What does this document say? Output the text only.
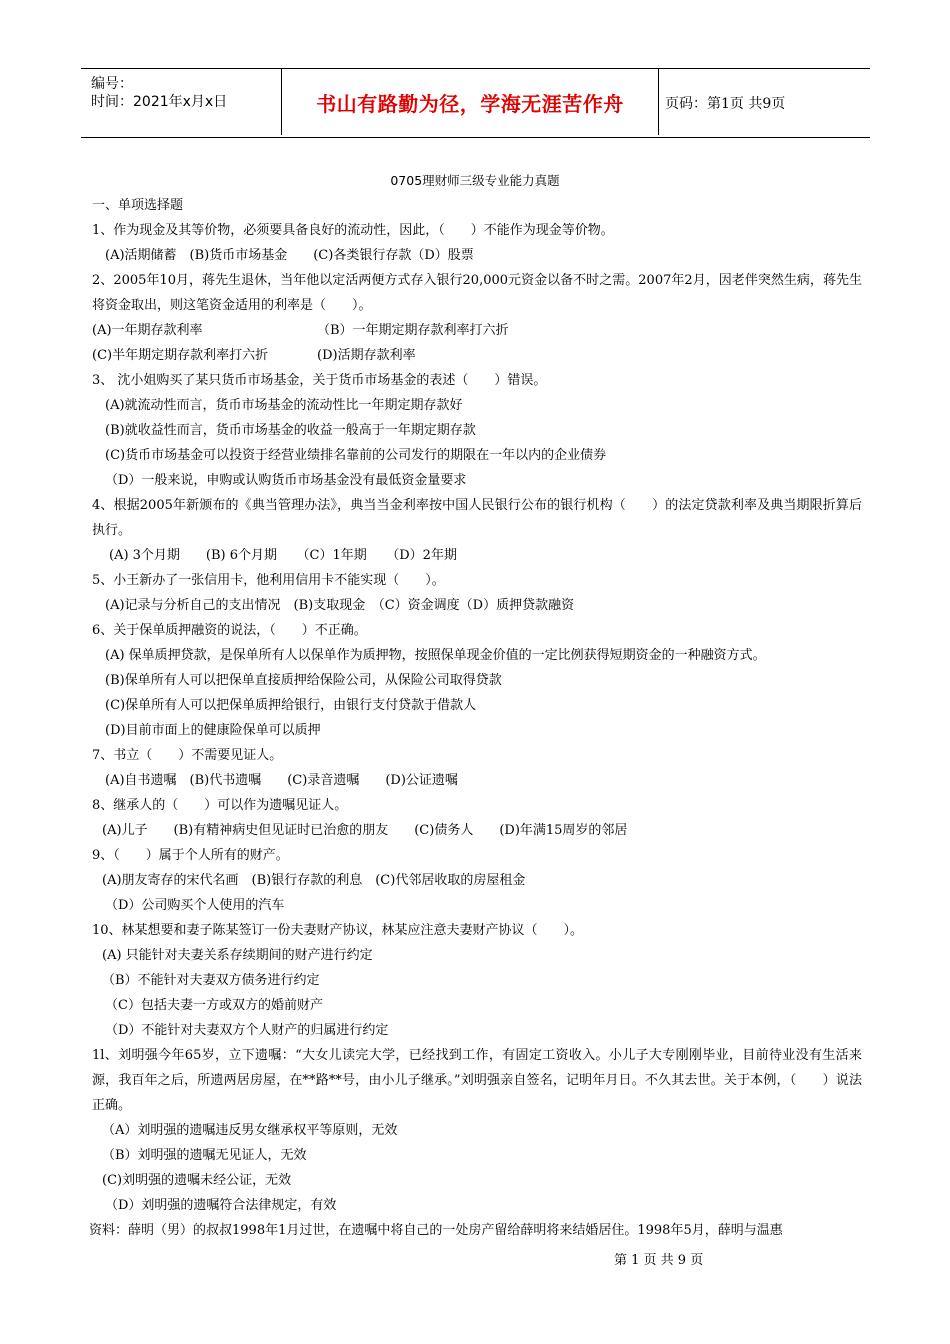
编号：
时间：2021年x月x日	书山有路勤为径，学海无涯苦作舟	页码：第1页 共9页
0705理财师三级专业能力真题

一、单项选择题

1、作为现金及其等价物，必须要具备良好的流动性，因此，（　　）不能作为现金等价物。

(A)活期储蓄　(B)货币市场基金　　(C)各类银行存款（D）股票

2、2005年10月，蒋先生退休，当年他以定活两便方式存入银行20,000元资金以备不时之需。2007年2月，因老伴突然生病，蒋先生将资金取出，则这笔资金适用的利率是（　　）。

(A)一年期存款利率	（B）一年期定期存款利率打六折
(C)半年期定期存款利率打六折	(D)活期存款利率

3、 沈小姐购买了某只货币市场基金，关于货币市场基金的表述（　　）错误。

(A)就流动性而言，货币市场基金的流动性比一年期定期存款好

(B)就收益性而言，货币市场基金的收益一般高于一年期定期存款

(C)货币市场基金可以投资于经营业绩排名靠前的公司发行的期限在一年以内的企业债券

（D）一般来说，申购或认购货币市场基金没有最低资金量要求

4、根据2005年新颁布的《典当管理办法》，典当当金利率按中国人民银行公布的银行机构（　　）的法定贷款利率及典当期限折算后执行。

(A) 3个月期　　(B) 6个月期　　（C）1年期　　（D）2年期

5、小王新办了一张信用卡，他利用信用卡不能实现（　　）。

(A)记录与分析自己的支出情况　(B)支取现金　（C）资金调度（D）质押贷款融资

6、关于保单质押融资的说法，（　　）不正确。

(A) 保单质押贷款，是保单所有人以保单作为质押物，按照保单现金价值的一定比例获得短期资金的一种融资方式。

(B)保单所有人可以把保单直接质押给保险公司，从保险公司取得贷款

(C)保单所有人可以把保单质押给银行，由银行支付贷款于借款人

(D)目前市面上的健康险保单可以质押

7、书立（　　）不需要见证人。

(A)自书遗嘱　(B)代书遗嘱　　(C)录音遗嘱　　(D)公证遗嘱

8、继承人的（　　）可以作为遗嘱见证人。

(A)儿子　　(B)有精神病史但见证时已治愈的朋友　　(C)债务人　　(D)年满15周岁的邻居

9、（　　）属于个人所有的财产。

(A)朋友寄存的宋代名画　(B)银行存款的利息　(C)代邻居收取的房屋租金

（D）公司购买个人使用的汽车

10、林某想要和妻子陈某签订一份夫妻财产协议，林某应注意夫妻财产协议（　　）。

(A) 只能针对夫妻关系存续期间的财产进行约定

（B）不能针对夫妻双方债务进行约定

（C）包括夫妻一方或双方的婚前财产

（D）不能针对夫妻双方个人财产的归属进行约定

1l、刘明强今年65岁，立下遗嘱：“大女儿读完大学，已经找到工作，有固定工资收入。小儿子大专刚刚毕业，目前待业没有生活来源，我百年之后，所遗两居房屋，在**路**号，由小儿子继承。”刘明强亲自签名，记明年月日。不久其去世。关于本例，（　　）说法正确。

（A）刘明强的遗嘱违反男女继承权平等原则，无效

（B）刘明强的遗嘱无见证人，无效

(C)刘明强的遗嘱未经公证，无效

（D）刘明强的遗嘱符合法律规定，有效

资料：薛明（男）的叔叔1998年1月过世，在遗嘱中将自己的一处房产留给薛明将来结婚居住。1998年5月，薛明与温惠

第 1 页 共 9 页
